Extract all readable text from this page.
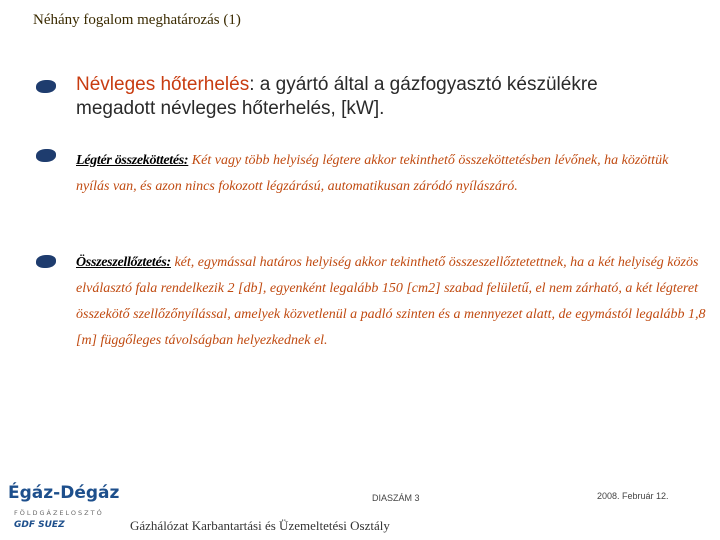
Néhány fogalom meghatározás (1)
Névleges hőterhelés: a gyártó által a gázfogyasztó készülékre megadott névleges hőterhelés, [kW].
Légtér összeköttetés: Két vagy több helyiség légtere akkor tekinthető összeköttetésben lévőnek, ha közöttük nyílás van, és azon nincs fokozott légzárású, automatikusan záródó nyílászáró.
Összeszellőztetés: két, egymással határos helyiség akkor tekinthető összeszellőztetettnek, ha a két helyiség közös elválasztó fala rendelkezik 2 [db], egyenként legalább 150 [cm2] szabad felületű, el nem zárható, a két légteret összekötő szellőzőnyílással, amelyek közvetlenül a padló szinten és a mennyezet alatt, de egymástól legalább 1,8 [m] függőleges távolságban helyezkednek el.
Égáz-Dégáz
FÖLDGÁZELOSZTÓ
GDF SUEZ
DIASZÁM 3	2008. Február 12.
Gázhálózat Karbantartási és Üzemeltetési Osztály
